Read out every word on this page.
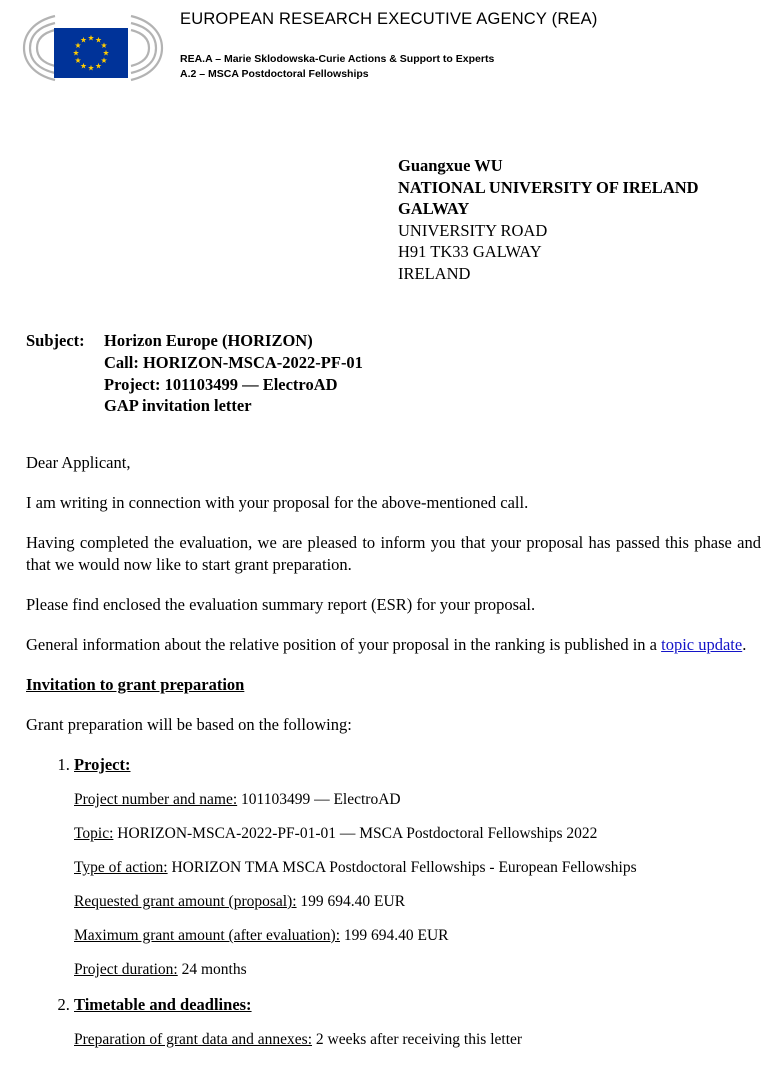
EUROPEAN RESEARCH EXECUTIVE AGENCY (REA)
REA.A – Marie Sklodowska-Curie Actions & Support to Experts
A.2 – MSCA Postdoctoral Fellowships
Guangxue WU
NATIONAL UNIVERSITY OF IRELAND
GALWAY
UNIVERSITY ROAD
H91 TK33 GALWAY
IRELAND
Subject: Horizon Europe (HORIZON)
Call: HORIZON-MSCA-2022-PF-01
Project: 101103499 — ElectroAD
GAP invitation letter

Dear Applicant,

I am writing in connection with your proposal for the above-mentioned call.

Having completed the evaluation, we are pleased to inform you that your proposal has passed this phase and that we would now like to start grant preparation.

Please find enclosed the evaluation summary report (ESR) for your proposal.

General information about the relative position of your proposal in the ranking is published in a topic update.

Invitation to grant preparation

Grant preparation will be based on the following:

1. Project:
Project number and name: 101103499 — ElectroAD
Topic: HORIZON-MSCA-2022-PF-01-01 — MSCA Postdoctoral Fellowships 2022
Type of action: HORIZON TMA MSCA Postdoctoral Fellowships - European Fellowships
Requested grant amount (proposal): 199 694.40 EUR
Maximum grant amount (after evaluation): 199 694.40 EUR
Project duration: 24 months
2. Timetable and deadlines:
Preparation of grant data and annexes: 2 weeks after receiving this letter
